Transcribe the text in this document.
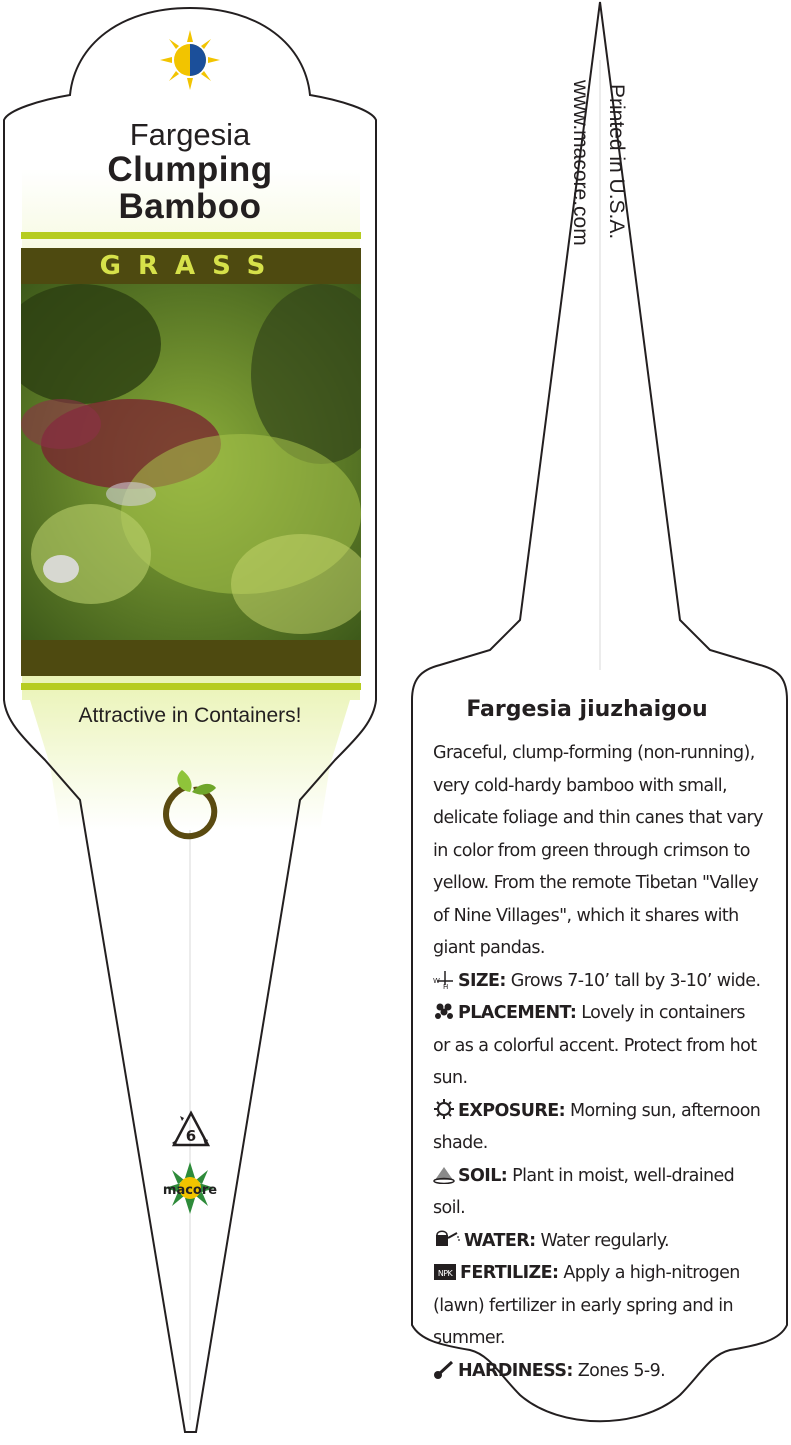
Fargesia
Clumping
Bamboo
GRASS
Attractive in Containers!
6
macore
Printed in U.S.A.
www.macore.com
Fargesia jiuzhaigou

Graceful, clump-forming (non-running), very cold-hardy bamboo with small, delicate foliage and thin canes that vary in color from green through crimson to yellow. From the remote Tibetan "Valley of Nine Villages", which it shares with giant pandas.

W
H SIZE: Grows 7-10’ tall by 3-10’ wide.

PLACEMENT: Lovely in containers or as a colorful accent. Protect from hot sun.

EXPOSURE: Morning sun, afternoon shade.

SOIL: Plant in moist, well-drained soil.

WATER: Water regularly.

NPK FERTILIZE: Apply a high-nitrogen (lawn) fertilizer in early spring and in summer.

HARDINESS: Zones 5-9.
